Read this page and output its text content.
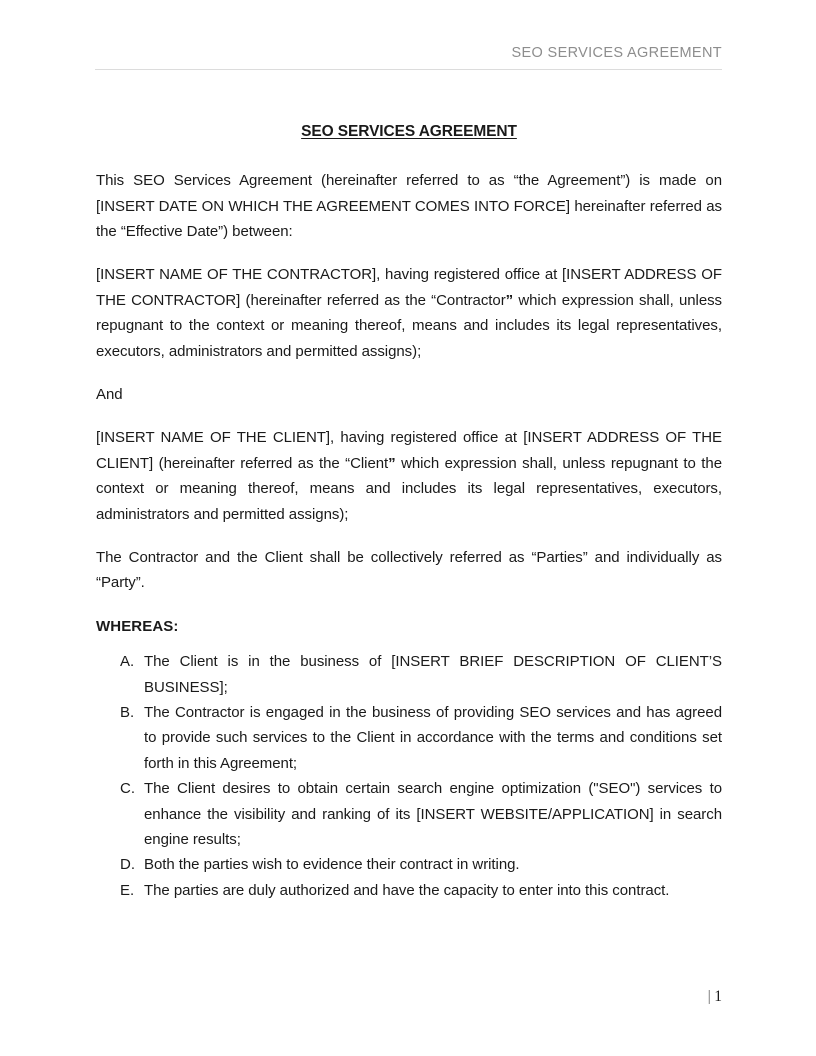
SEO SERVICES AGREEMENT
SEO SERVICES AGREEMENT

This SEO Services Agreement (hereinafter referred to as “the Agreement”) is made on [INSERT DATE ON WHICH THE AGREEMENT COMES INTO FORCE] hereinafter referred as the “Effective Date”) between:

[INSERT NAME OF THE CONTRACTOR], having registered office at [INSERT ADDRESS OF THE CONTRACTOR] (hereinafter referred as the “Contractor” which expression shall, unless repugnant to the context or meaning thereof, means and includes its legal representatives, executors, administrators and permitted assigns);

And

[INSERT NAME OF THE CLIENT], having registered office at [INSERT ADDRESS OF THE CLIENT] (hereinafter referred as the “Client” which expression shall, unless repugnant to the context or meaning thereof, means and includes its legal representatives, executors, administrators and permitted assigns);

The Contractor and the Client shall be collectively referred as “Parties” and individually as “Party”.

WHEREAS:
The Client is in the business of [INSERT BRIEF DESCRIPTION OF CLIENT’S BUSINESS];
The Contractor is engaged in the business of providing SEO services and has agreed to provide such services to the Client in accordance with the terms and conditions set forth in this Agreement;
The Client desires to obtain certain search engine optimization ("SEO") services to enhance the visibility and ranking of its [INSERT WEBSITE/APPLICATION] in search engine results;
Both the parties wish to evidence their contract in writing.
The parties are duly authorized and have the capacity to enter into this contract.
| 1
